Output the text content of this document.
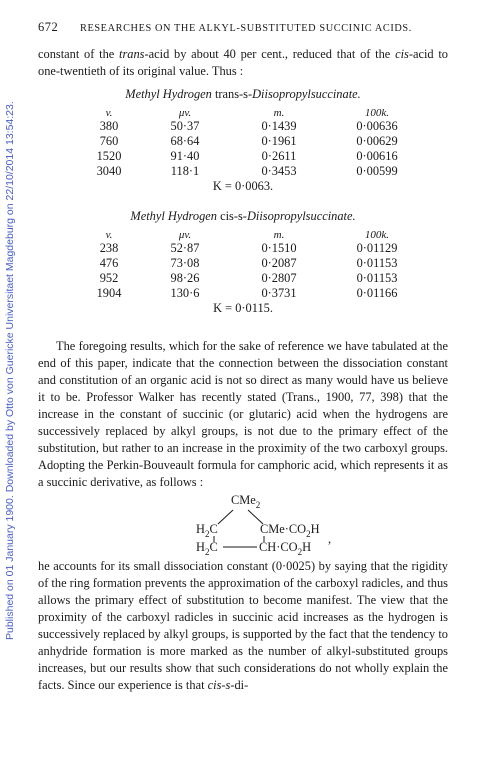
Published on 01 January 1900. Downloaded by Otto von Guericke Universitaet Magdeburg on 22/10/2014 13:54:23.
672	RESEARCHES ON THE ALKYL-SUBSTITUTED SUCCINIC ACIDS.

constant of the trans-acid by about 40 per cent., reduced that of the cis-acid to one-twentieth of its original value. Thus :

Methyl Hydrogen trans-s-Diisopropylsuccinate.
v.	μv.	m.	100k.
380	50·37	0·1439	0·00636
760	68·64	0·1961	0·00629
1520	91·40	0·2611	0·00616
3040	118·1	0·3453	0·00599
K = 0·0063.
Methyl Hydrogen cis-s-Diisopropylsuccinate.
v.	μv.	m.	100k.
238	52·87	0·1510	0·01129
476	73·08	0·2087	0·01153
952	98·26	0·2807	0·01153
1904	130·6	0·3731	0·01166
K = 0·0115.

The foregoing results, which for the sake of reference we have tabulated at the end of this paper, indicate that the connection between the dissociation constant and constitution of an organic acid is not so direct as many would have us believe it to be. Professor Walker has recently stated (Trans., 1900, 77, 398) that the increase in the constant of succinic (or glutaric) acid when the hydrogens are successively replaced by alkyl groups, is not due to the primary effect of the substitution, but rather to an increase in the proximity of the two carboxyl groups. Adopting the Perkin-Bouveault formula for camphoric acid, which represents it as a succinic derivative, as follows :

CMe$_2$
$H_2C$	$CMe\cdot CO_2H$
$H_2C$	$CH\cdot CO_2H$
,

he accounts for its small dissociation constant (0·0025) by saying that the rigidity of the ring formation prevents the approximation of the carboxyl radicles, and thus allows the primary effect of substitution to become manifest. The view that the proximity of the carboxyl radicles in succinic acid increases as the hydrogen is successively replaced by alkyl groups, is supported by the fact that the tendency to anhydride formation is more marked as the number of alkyl-substituted groups increases, but our results show that such considerations do not wholly explain the facts. Since our experience is that cis-s-di-
